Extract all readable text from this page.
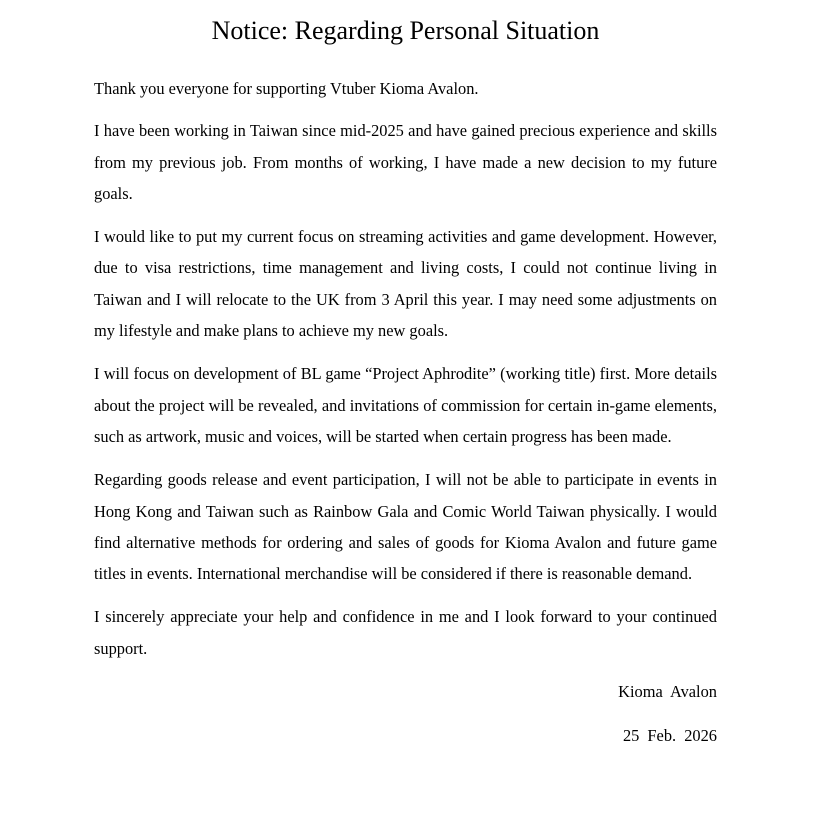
Notice: Regarding Personal Situation

Thank you everyone for supporting Vtuber Kioma Avalon.

I have been working in Taiwan since mid-2025 and have gained precious experience and skills from my previous job. From months of working, I have made a new decision to my future goals.

I would like to put my current focus on streaming activities and game development. However, due to visa restrictions, time management and living costs, I could not continue living in Taiwan and I will relocate to the UK from 3 April this year. I may need some adjustments on my lifestyle and make plans to achieve my new goals.

I will focus on development of BL game “Project Aphrodite” (working title) first. More details about the project will be revealed, and invitations of commission for certain in-game elements, such as artwork, music and voices, will be started when certain progress has been made.

Regarding goods release and event participation, I will not be able to participate in events in Hong Kong and Taiwan such as Rainbow Gala and Comic World Taiwan physically. I would find alternative methods for ordering and sales of goods for Kioma Avalon and future game titles in events. International merchandise will be considered if there is reasonable demand.

I sincerely appreciate your help and confidence in me and I look forward to your continued support.

Kioma Avalon

25 Feb. 2026
